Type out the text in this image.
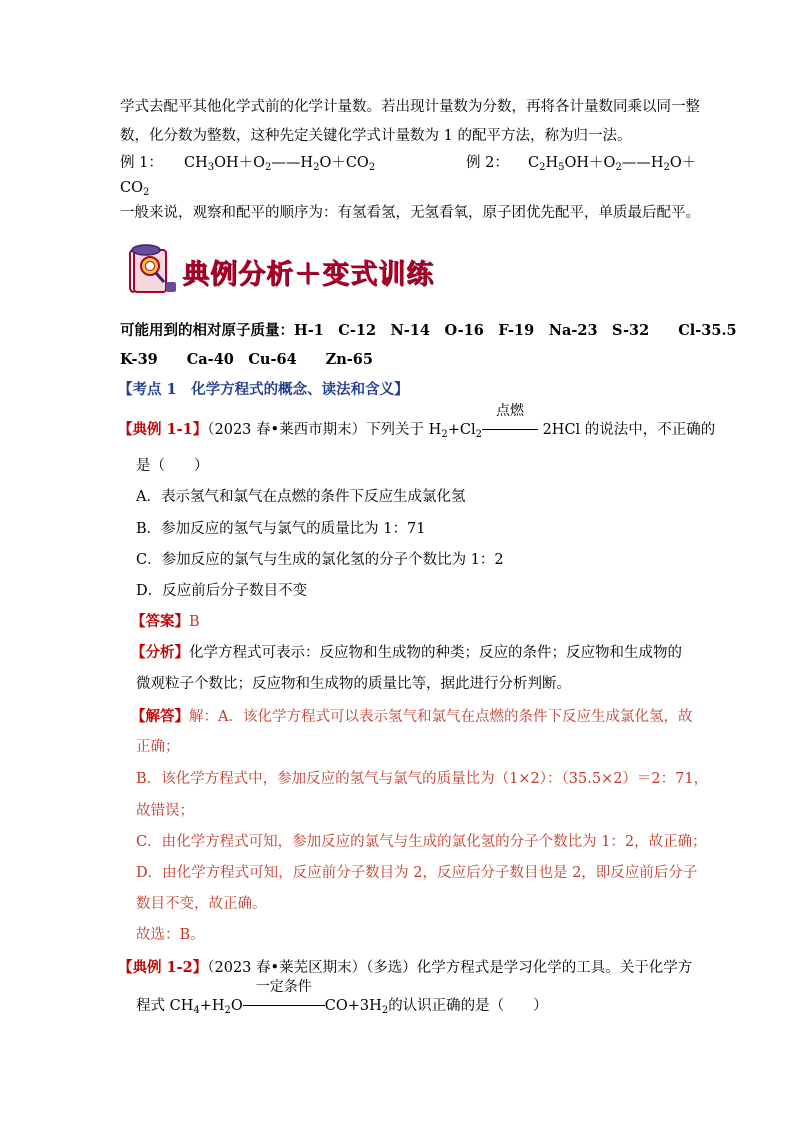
学式去配平其他化学式前的化学计量数。若出现计量数为分数，再将各计量数同乘以同一整
数，化分数为整数，这种先定关键化学式计量数为 1 的配平方法，称为归一法。
例 1： $CH_3OH+O_2——H_2O+CO_2$	例 2： $C_2H_5OH+O_2——H_2O+$
$CO_2$
一般来说，观察和配平的顺序为：有氢看氢，无氢看氧，原子团优先配平，单质最后配平。
典例分析＋变式训练
可能用到的相对原子质量：H-1　C-12　N-14　O-16　F-19　Na-23　S-32　　Cl-35.5
K-39　　Ca-40　Cu-64　　Zn-65
【考点 1　化学方程式的概念、读法和含义】
【典例 1-1】（2023 春•莱西市期末）下列关于 $H_2+Cl_2$
点燃
2HCl 的说法中，不正确的
是（　　）
A．表示氢气和氯气在点燃的条件下反应生成氯化氢
B．参加反应的氢气与氯气的质量比为 1：71
C．参加反应的氯气与生成的氯化氢的分子个数比为 1：2
D．反应前后分子数目不变
【答案】B
【分析】化学方程式可表示：反应物和生成物的种类；反应的条件；反应物和生成物的
微观粒子个数比；反应物和生成物的质量比等，据此进行分析判断。
【解答】解：A．该化学方程式可以表示氢气和氯气在点燃的条件下反应生成氯化氢，故
正确；
B．该化学方程式中，参加反应的氢气与氯气的质量比为（1×2）：（35.5×2）＝2：71，
故错误；
C．由化学方程式可知，参加反应的氯气与生成的氯化氢的分子个数比为 1：2，故正确；
D．由化学方程式可知，反应前分子数目为 2，反应后分子数目也是 2，即反应前后分子
数目不变，故正确。
故选：B。
【典例 1-2】（2023 春•莱芜区期末）（多选）化学方程式是学习化学的工具。关于化学方
程式 $CH_4+H_2O$
一定条件
$CO+3H_2$的认识正确的是（　　）
